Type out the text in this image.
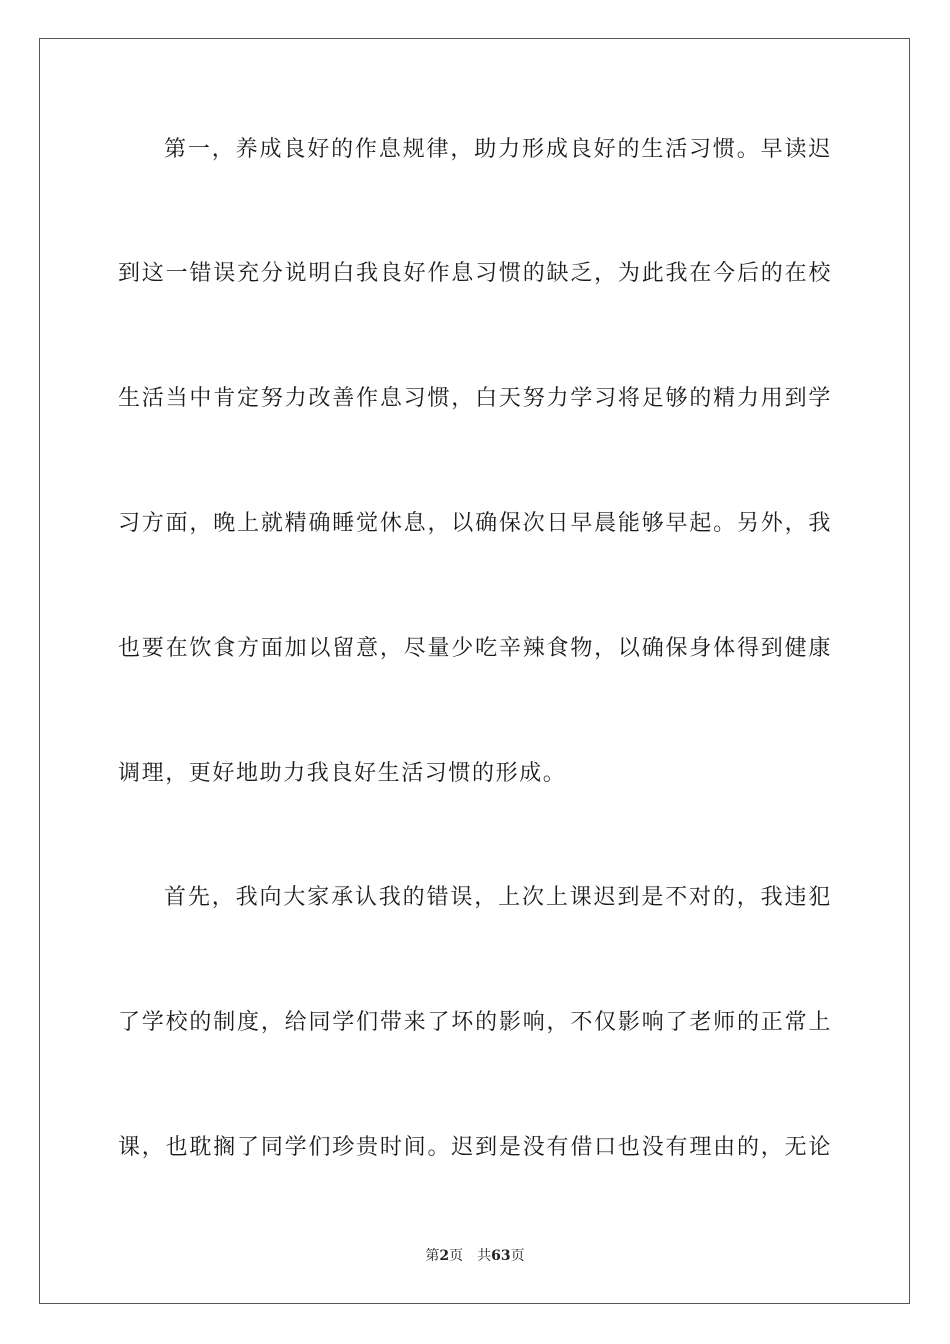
第一，养成良好的作息规律，助力形成良好的生活习惯。早读迟
到这一错误充分说明白我良好作息习惯的缺乏，为此我在今后的在校
生活当中肯定努力改善作息习惯，白天努力学习将足够的精力用到学
习方面，晚上就精确睡觉休息，以确保次日早晨能够早起。另外，我
也要在饮食方面加以留意，尽量少吃辛辣食物，以确保身体得到健康
调理，更好地助力我良好生活习惯的形成。
首先，我向大家承认我的错误，上次上课迟到是不对的，我违犯
了学校的制度，给同学们带来了坏的影响，不仅影响了老师的正常上
课，也耽搁了同学们珍贵时间。迟到是没有借口也没有理由的，无论
第2页 共63页
